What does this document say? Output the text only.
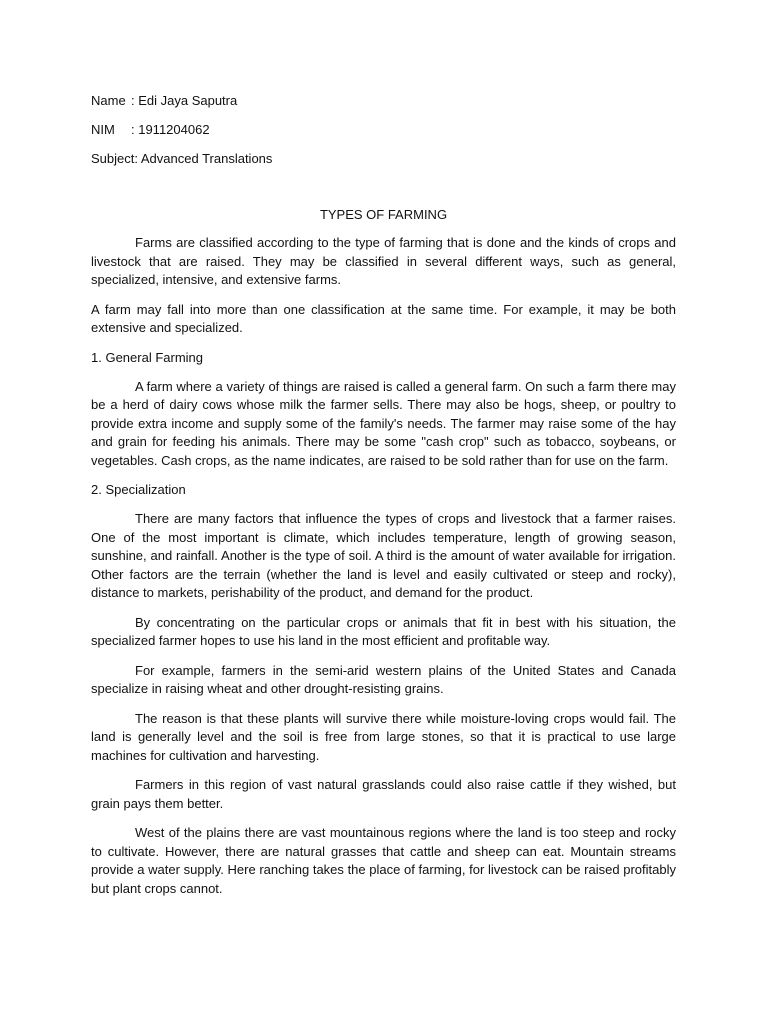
Name : Edi Jaya Saputra
NIM : 1911204062
Subject: Advanced Translations
TYPES OF FARMING

Farms are classified according to the type of farming that is done and the kinds of crops and livestock that are raised. They may be classified in several different ways, such as general, specialized, intensive, and extensive farms.

A farm may fall into more than one classification at the same time. For example, it may be both extensive and specialized.

1. General Farming

A farm where a variety of things are raised is called a general farm. On such a farm there may be a herd of dairy cows whose milk the farmer sells. There may also be hogs, sheep, or poultry to provide extra income and supply some of the family's needs. The farmer may raise some of the hay and grain for feeding his animals. There may be some "cash crop" such as tobacco, soybeans, or vegetables. Cash crops, as the name indicates, are raised to be sold rather than for use on the farm.

2. Specialization

There are many factors that influence the types of crops and livestock that a farmer raises. One of the most important is climate, which includes temperature, length of growing season, sunshine, and rainfall. Another is the type of soil. A third is the amount of water available for irrigation. Other factors are the terrain (whether the land is level and easily cultivated or steep and rocky), distance to markets, perishability of the product, and demand for the product.

By concentrating on the particular crops or animals that fit in best with his situation, the specialized farmer hopes to use his land in the most efficient and profitable way.

For example, farmers in the semi-arid western plains of the United States and Canada specialize in raising wheat and other drought-resisting grains.

The reason is that these plants will survive there while moisture-loving crops would fail. The land is generally level and the soil is free from large stones, so that it is practical to use large machines for cultivation and harvesting.

Farmers in this region of vast natural grasslands could also raise cattle if they wished, but grain pays them better.

West of the plains there are vast mountainous regions where the land is too steep and rocky to cultivate. However, there are natural grasses that cattle and sheep can eat. Mountain streams provide a water supply. Here ranching takes the place of farming, for livestock can be raised profitably but plant crops cannot.
